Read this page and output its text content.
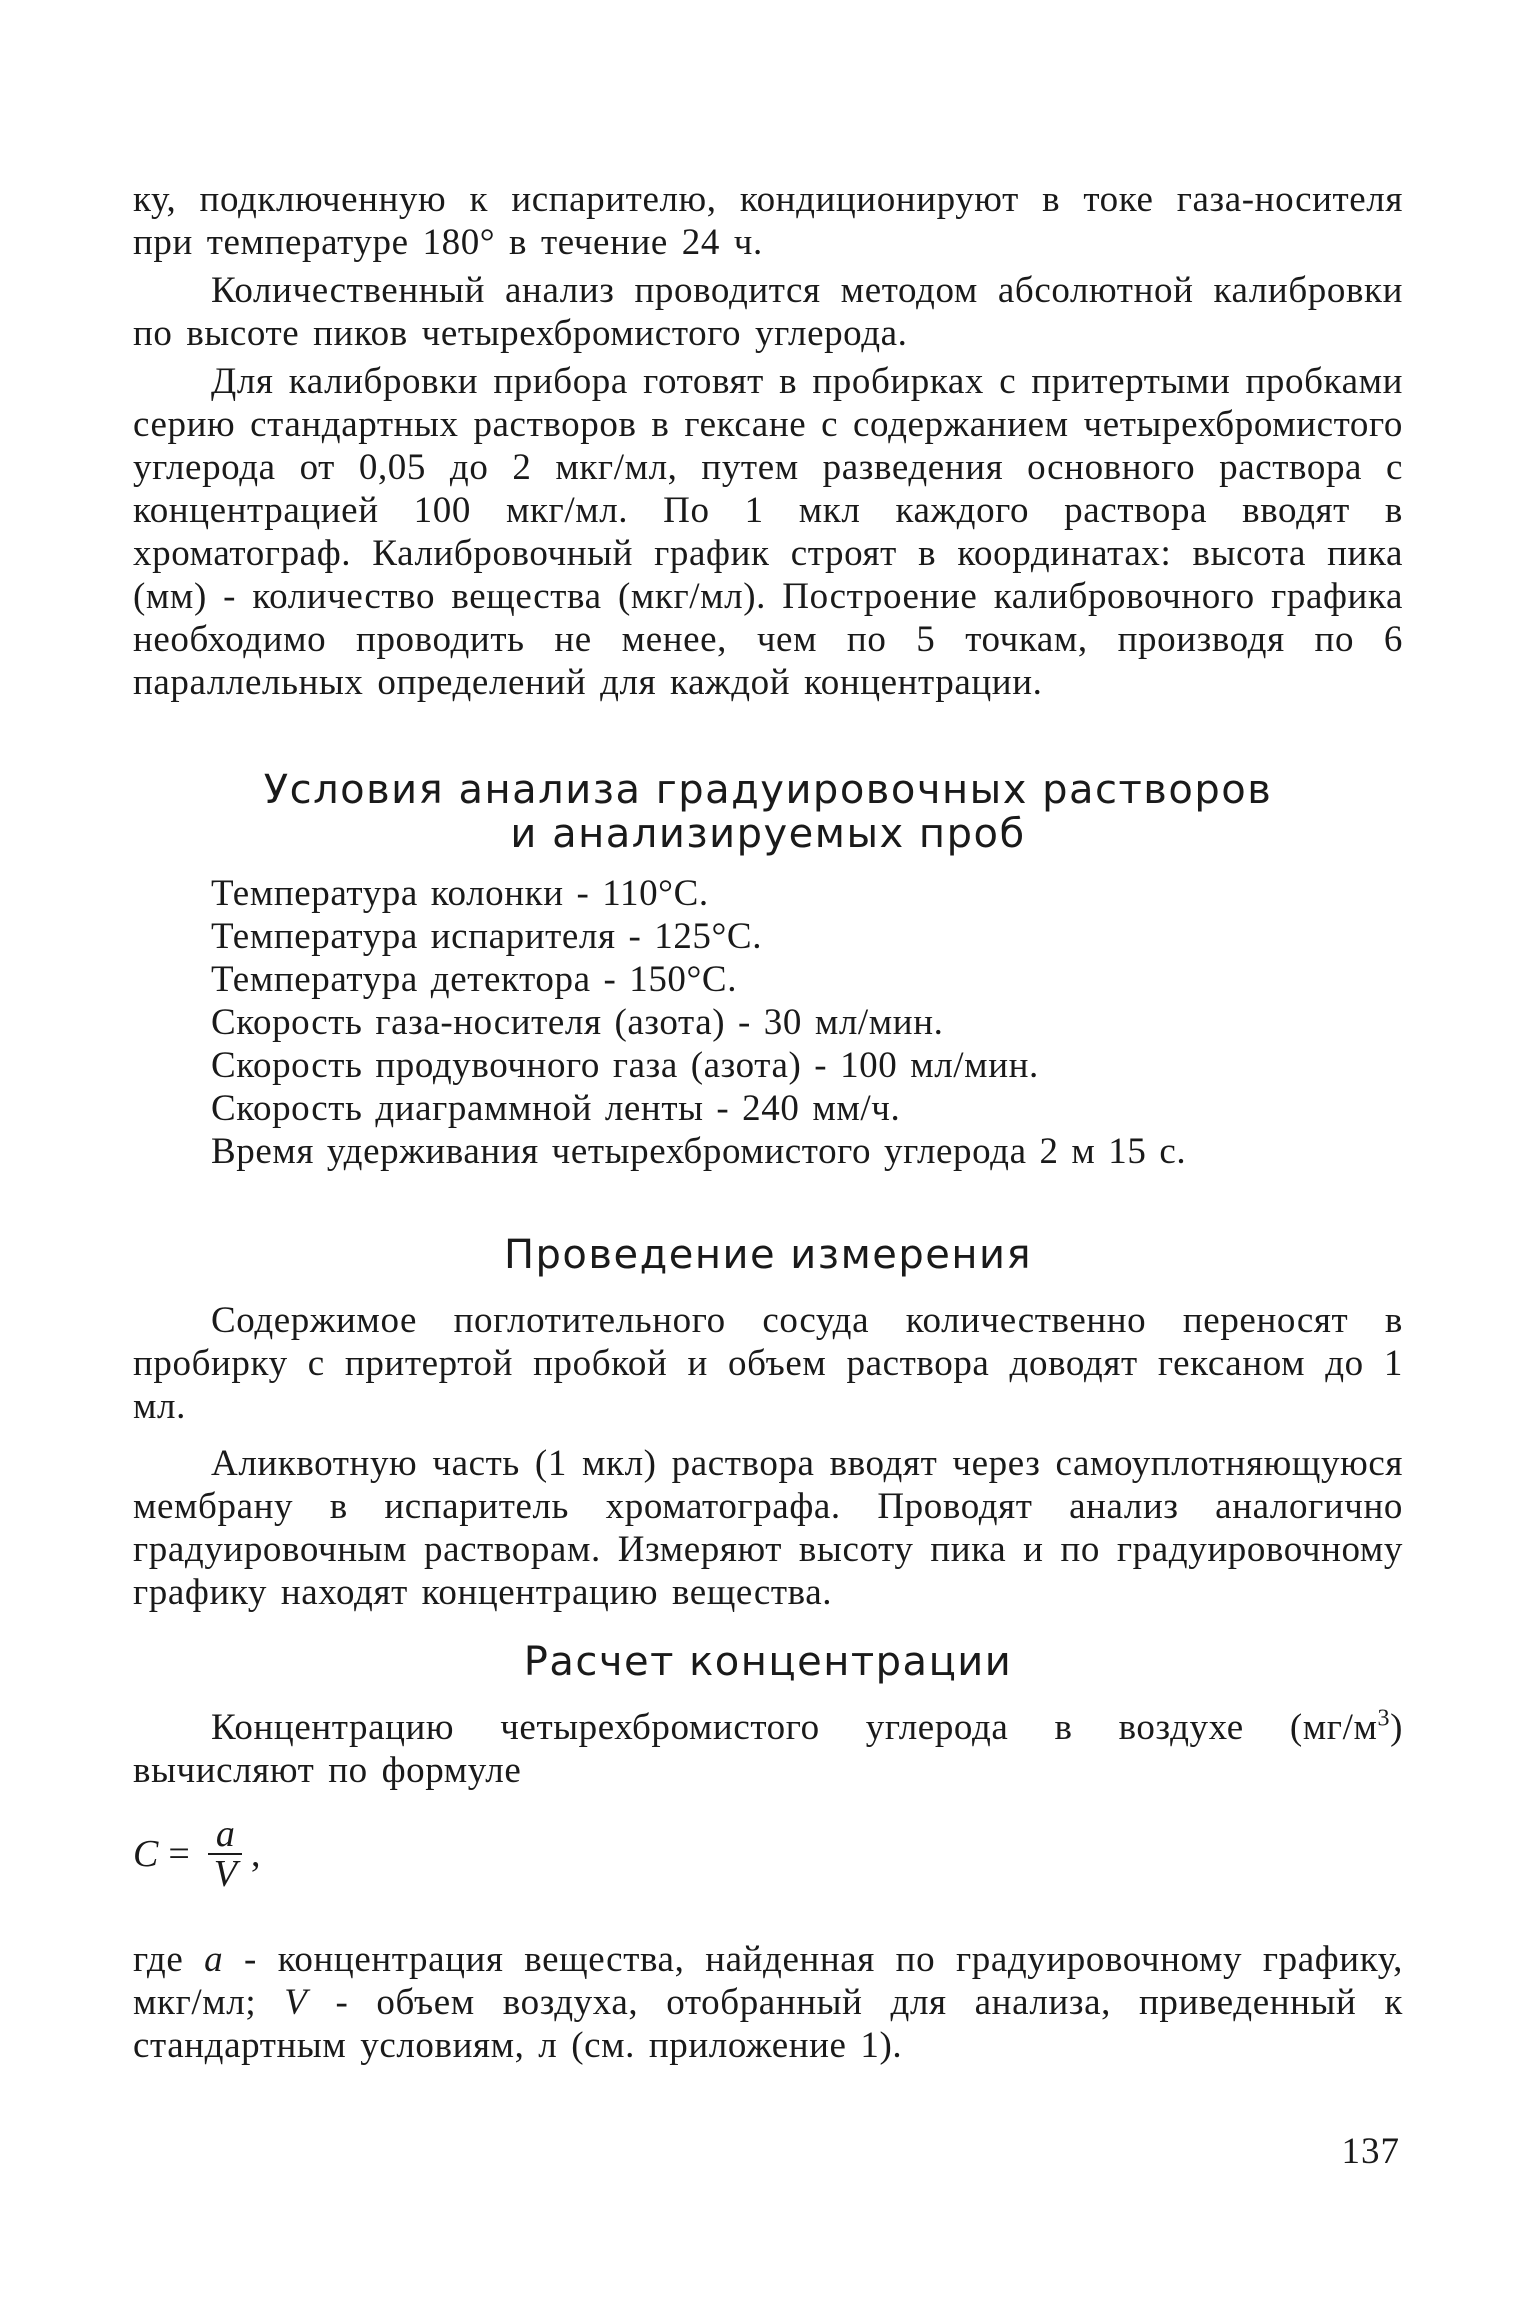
ку, подключенную к испарителю, кондиционируют в токе газа-носителя при температуре 180° в течение 24 ч.

Количественный анализ проводится методом абсолютной калибровки по высоте пиков четырехбромистого углерода.

Для калибровки прибора готовят в пробирках с притертыми пробками серию стандартных растворов в гексане с содержанием четырехбромистого углерода от 0,05 до 2 мкг/мл, путем разведения основного раствора с концентрацией 100 мкг/мл. По 1 мкл каждого раствора вводят в хроматограф. Калибровочный график строят в координатах: высота пика (мм) - количество вещества (мкг/мл). Построение калибровочного графика необходимо проводить не менее, чем по 5 точкам, производя по 6 параллельных определений для каждой концентрации.

Условия анализа градуировочных растворов
и анализируемых проб
Температура колонки - 110°С.
Температура испарителя - 125°С.
Температура детектора - 150°С.
Скорость газа-носителя (азота) - 30 мл/мин.
Скорость продувочного газа (азота) - 100 мл/мин.
Скорость диаграммной ленты - 240 мм/ч.
Время удерживания четырехбромистого углерода 2 м 15 с.
Проведение измерения

Содержимое поглотительного сосуда количественно переносят в пробирку с притертой пробкой и объем раствора доводят гексаном до 1 мл.

Аликвотную часть (1 мкл) раствора вводят через самоуплотняющуюся мембрану в испаритель хроматографа. Проводят анализ аналогично градуировочным растворам. Измеряют высоту пика и по градуировочному графику находят концентрацию вещества.

Расчет концентрации

Концентрацию четырехбромистого углерода в воздухе $(мг/м^3)$ вычисляют по формуле

$C = \frac{a}{V}$ ,

где a - концентрация вещества, найденная по градуировочному графику, мкг/мл; V - объем воздуха, отобранный для анализа, приведенный к стандартным условиям, л (см. приложение 1).

137
